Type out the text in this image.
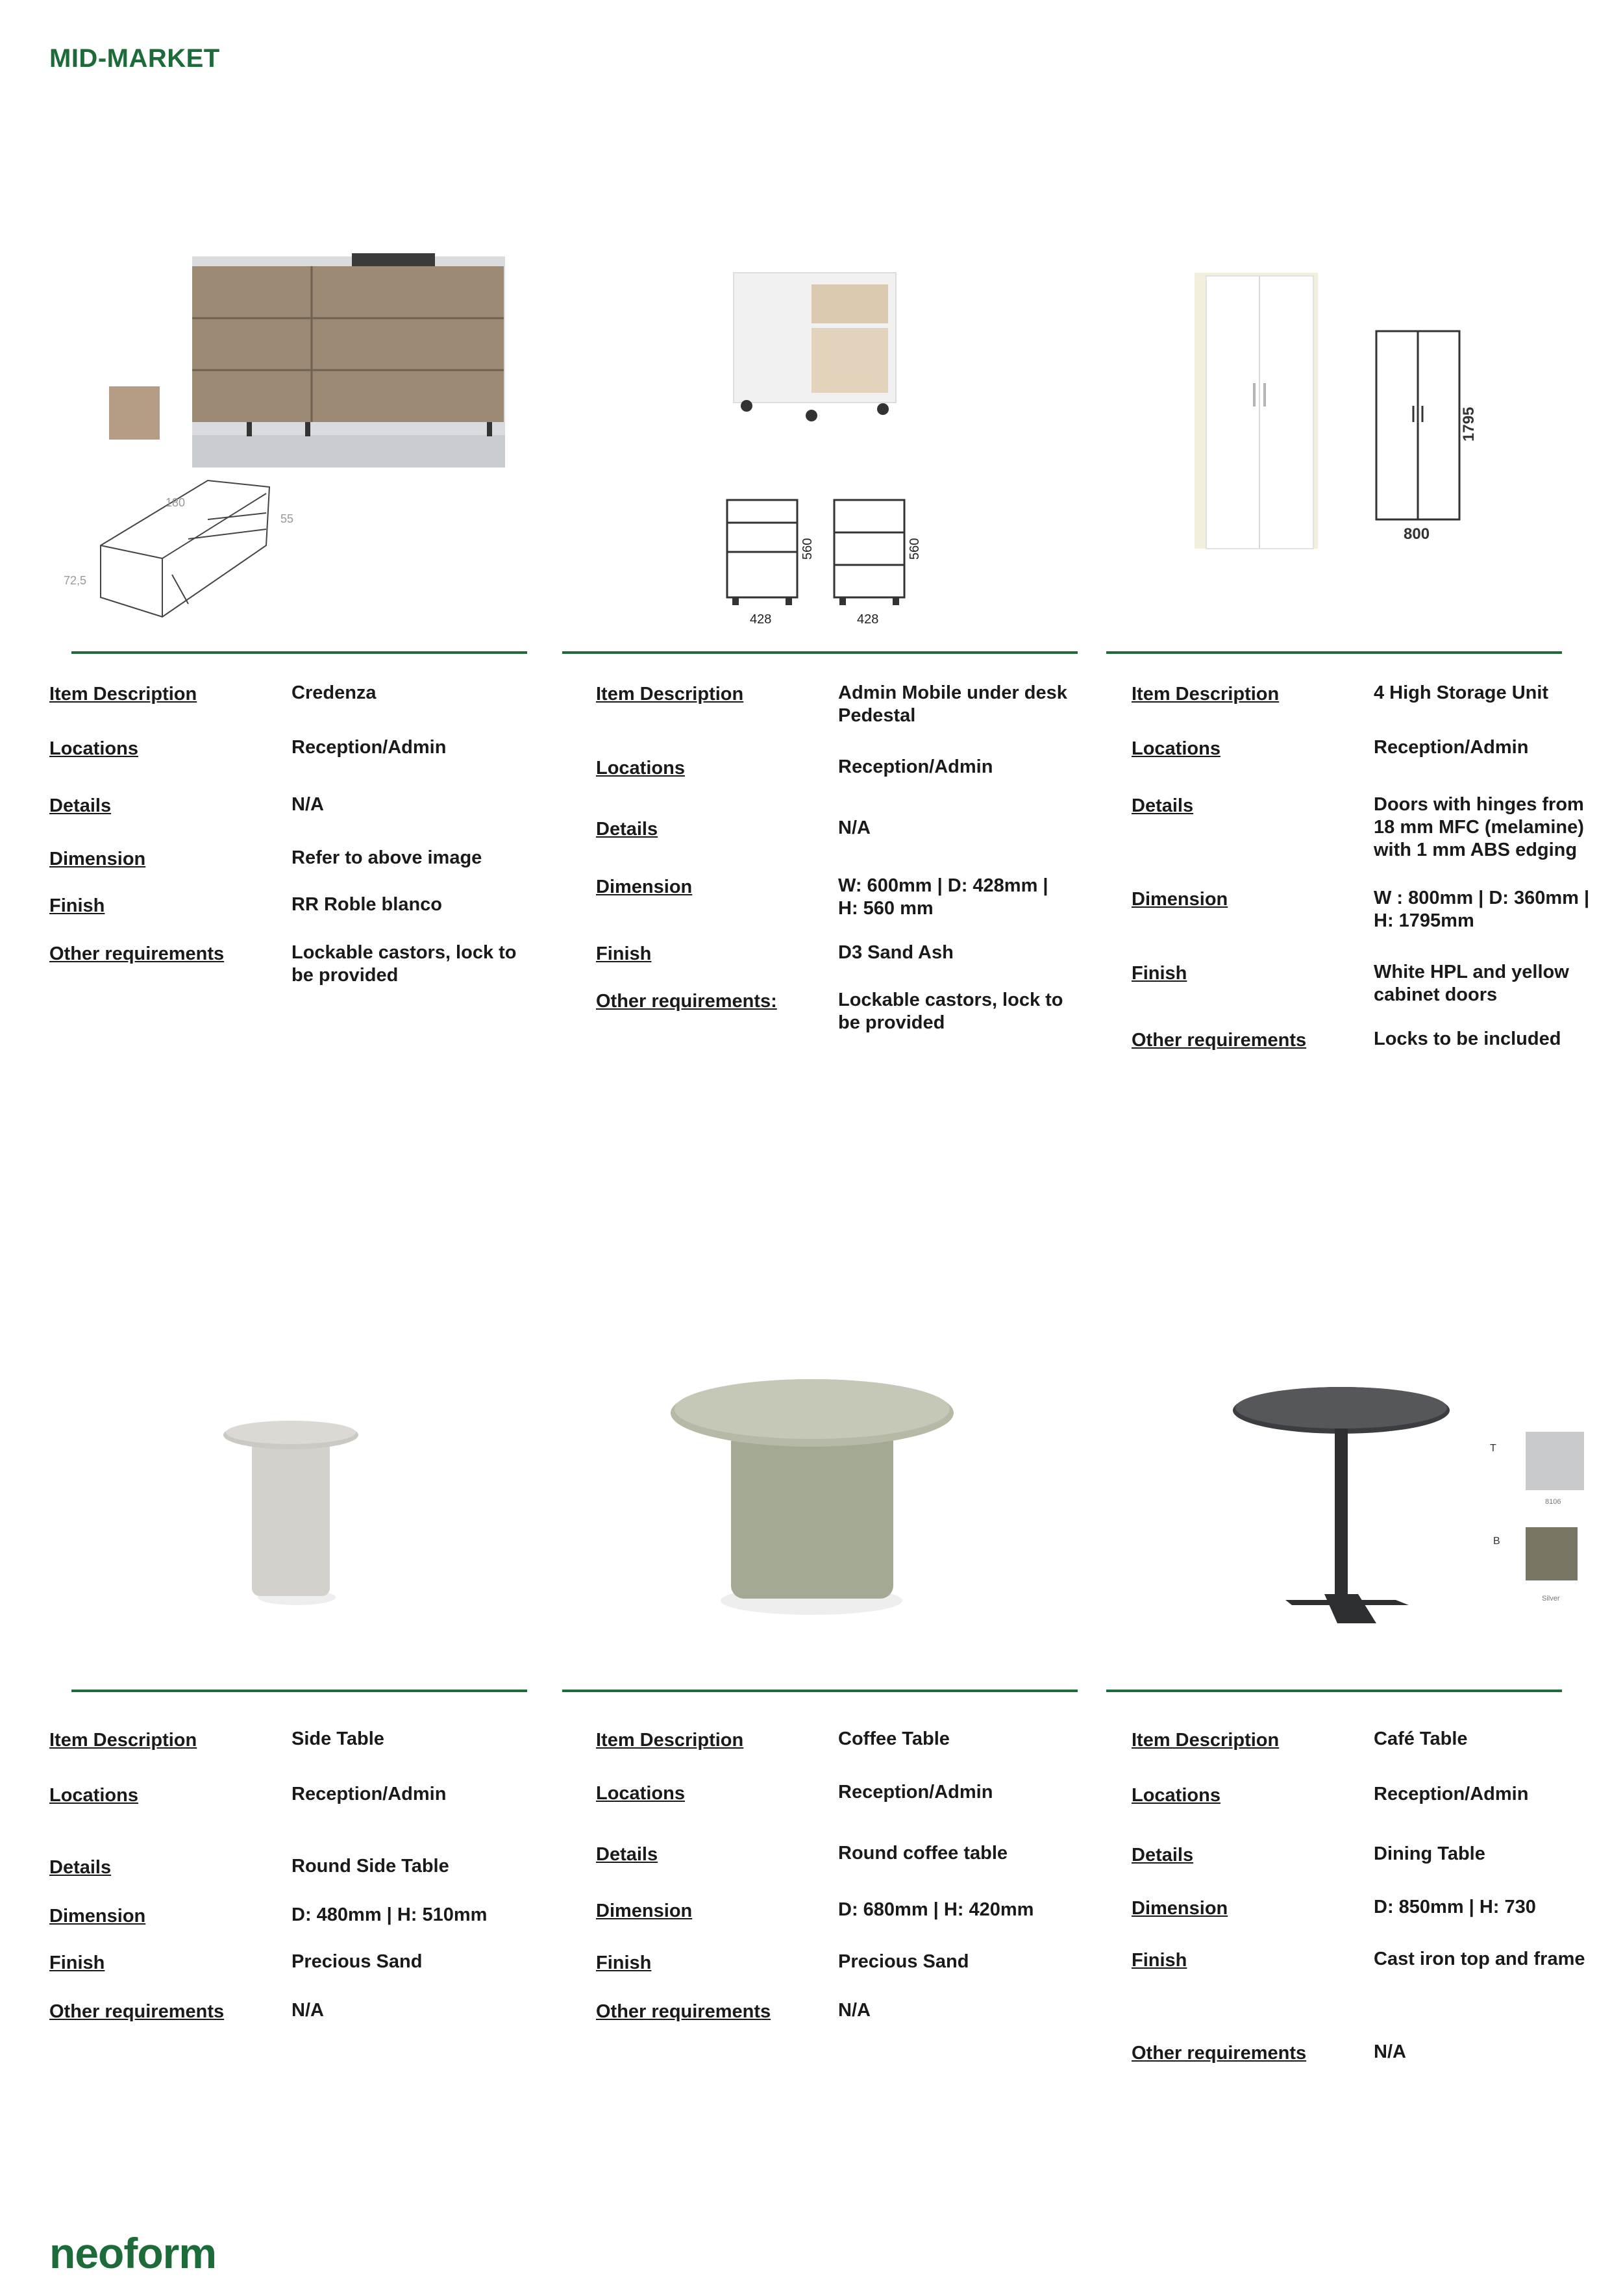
MID-MARKET
180
72,5
55
560
428
560
428
1795
800
T
B
8106
Silver
Item Description	Credenza
Locations	Reception/Admin
Details	N/A
Dimension	Refer to above image
Finish	RR Roble blanco
Other requirements	Lockable castors, lock to be provided
Item Description	Admin Mobile under desk Pedestal
Locations	Reception/Admin
Details	N/A
Dimension	W: 600mm | D: 428mm | H: 560 mm
Finish	D3 Sand Ash
Other requirements:	Lockable castors, lock to be provided
Item Description	4 High Storage Unit
Locations	Reception/Admin
Details	Doors with hinges from 18 mm MFC (melamine) with 1 mm ABS edging
Dimension	W : 800mm | D: 360mm | H: 1795mm
Finish	White HPL and yellow cabinet doors
Other requirements	Locks to be included
Item Description	Side Table
Locations	Reception/Admin
Details	Round Side Table
Dimension	D: 480mm | H: 510mm
Finish	Precious Sand
Other requirements	N/A
Item Description	Coffee Table
Locations	Reception/Admin
Details	Round coffee table
Dimension	D: 680mm | H: 420mm
Finish	Precious Sand
Other requirements	N/A
Item Description	Café Table
Locations	Reception/Admin
Details	Dining Table
Dimension	D: 850mm | H: 730
Finish	Cast iron top and frame
Other requirements	N/A
neoform
